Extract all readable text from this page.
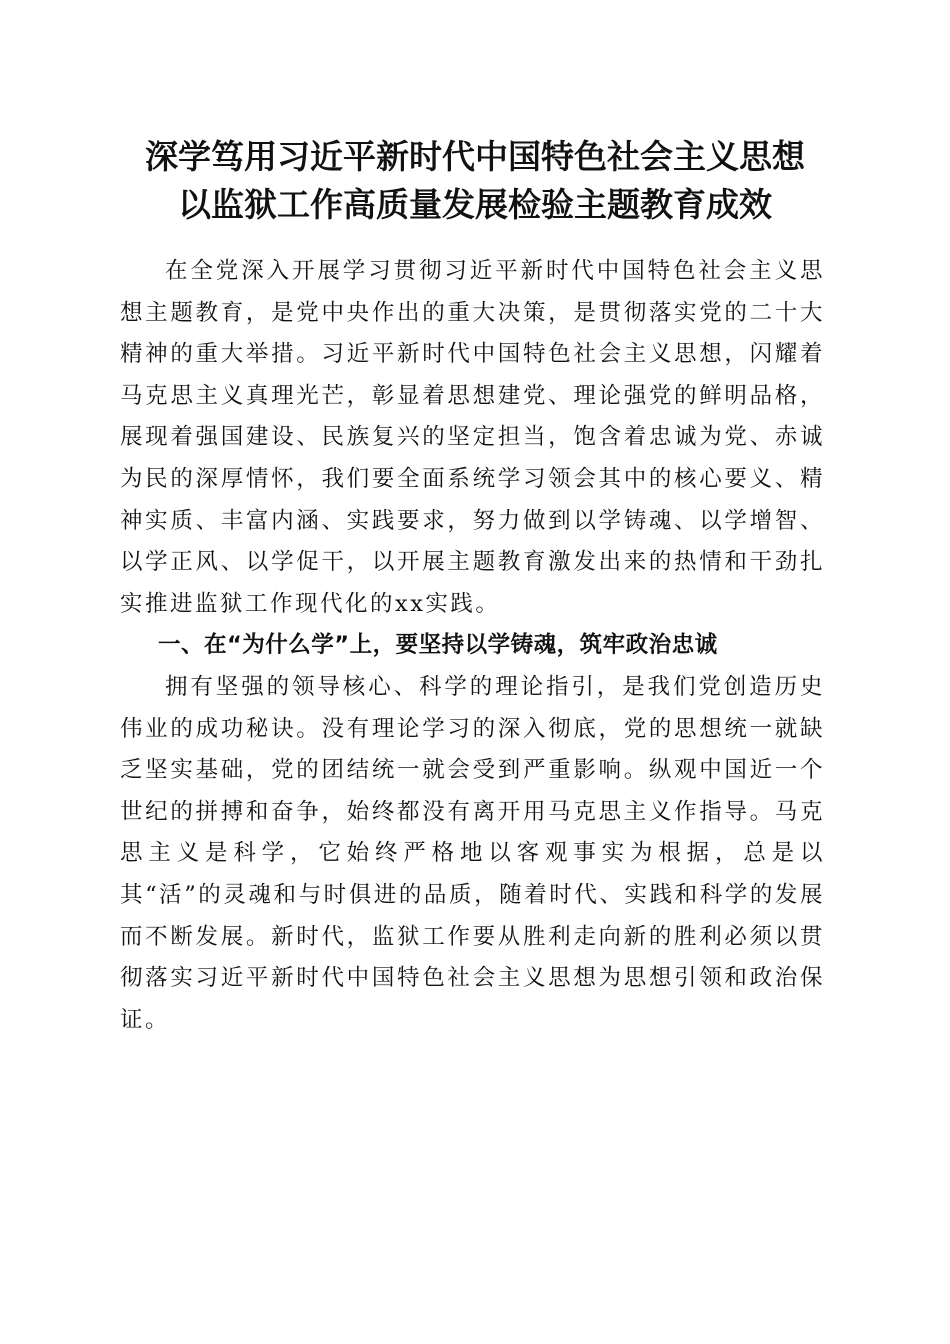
深学笃用习近平新时代中国特色社会主义思想
以监狱工作高质量发展检验主题教育成效

在全党深入开展学习贯彻习近平新时代中国特色社会主义思想主题教育，是党中央作出的重大决策，是贯彻落实党的二十大精神的重大举措。习近平新时代中国特色社会主义思想，闪耀着马克思主义真理光芒，彰显着思想建党、理论强党的鲜明品格，展现着强国建设、民族复兴的坚定担当，饱含着忠诚为党、赤诚为民的深厚情怀，我们要全面系统学习领会其中的核心要义、精神实质、丰富内涵、实践要求，努力做到以学铸魂、以学增智、以学正风、以学促干，以开展主题教育激发出来的热情和干劲扎实推进监狱工作现代化的xx实践。

一、在“为什么学”上，要坚持以学铸魂，筑牢政治忠诚

拥有坚强的领导核心、科学的理论指引，是我们党创造历史伟业的成功秘诀。没有理论学习的深入彻底，党的思想统一就缺乏坚实基础，党的团结统一就会受到严重影响。纵观中国近一个世纪的拼搏和奋争，始终都没有离开用马克思主义作指导。马克思主义是科学，它始终严格地以客观事实为根据，总是以其“活”的灵魂和与时俱进的品质，随着时代、实践和科学的发展而不断发展。新时代，监狱工作要从胜利走向新的胜利必须以贯彻落实习近平新时代中国特色社会主义思想为思想引领和政治保证。
